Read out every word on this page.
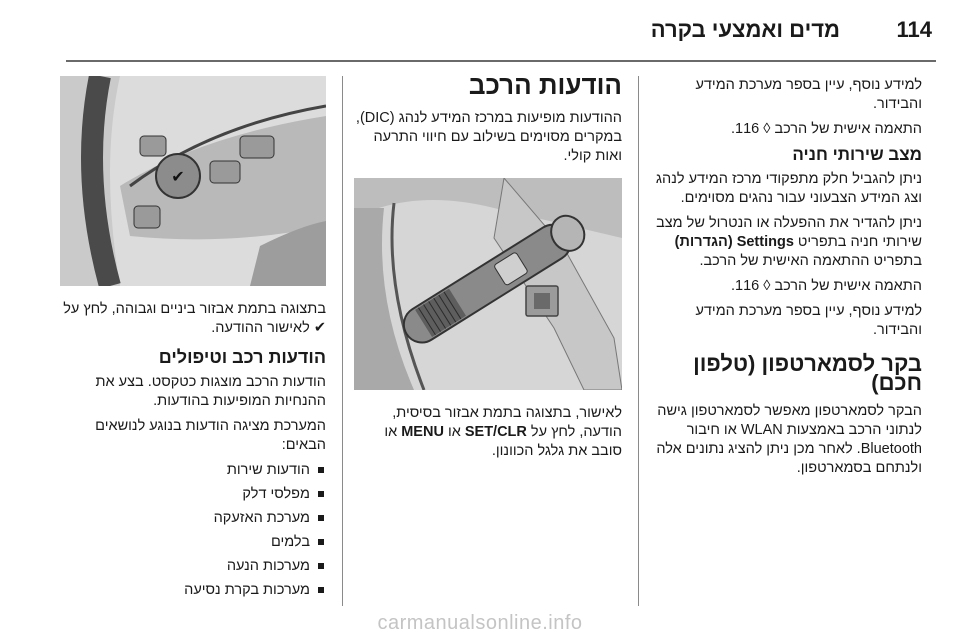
114
מדים ואמצעי בקרה

למידע נוסף, עיין בספר מערכת המידע והבידור.

התאמה אישית של הרכב ◊ 116.

מצב שירותי חניה

ניתן להגביל חלק מתפקודי מרכז המידע לנהג וצג המידע הצבעוני עבור נהגים מסוימים.

ניתן להגדיר את ההפעלה או הנטרול של מצב שירותי חניה בתפריט Settings (הגדרות) בתפריט ההתאמה האישית של הרכב.

התאמה אישית של הרכב ◊ 116.

למידע נוסף, עיין בספר מערכת המידע והבידור.

בקר לסמארטפון (טלפון חכם)

הבקר לסמארטפון מאפשר לסמארטפון גישה לנתוני הרכב באמצעות WLAN או חיבור Bluetooth. לאחר מכן ניתן להציג נתונים אלה ולנתחם בסמארטפון.

הודעות הרכב

ההודעות מופיעות במרכז המידע לנהג (DIC), במקרים מסוימים בשילוב עם חיווי התרעה ואות קולי.

לאישור, בתצוגה בתמת אבזור בסיסית, הודעה, לחץ על SET/CLR או MENU או סובב את גלגל הכוונון.

✔

בתצוגה בתמת אבזור ביניים וגבוהה, לחץ על ✔ לאישור ההודעה.

הודעות רכב וטיפולים

הודעות הרכב מוצגות כטקסט. בצע את ההנחיות המופיעות בהודעות.

המערכת מציגה הודעות בנוגע לנושאים הבאים:

הודעות שירות
מפלסי דלק
מערכת האזעקה
בלמים
מערכות הנעה
מערכות בקרת נסיעה
carmanualsonline.info
